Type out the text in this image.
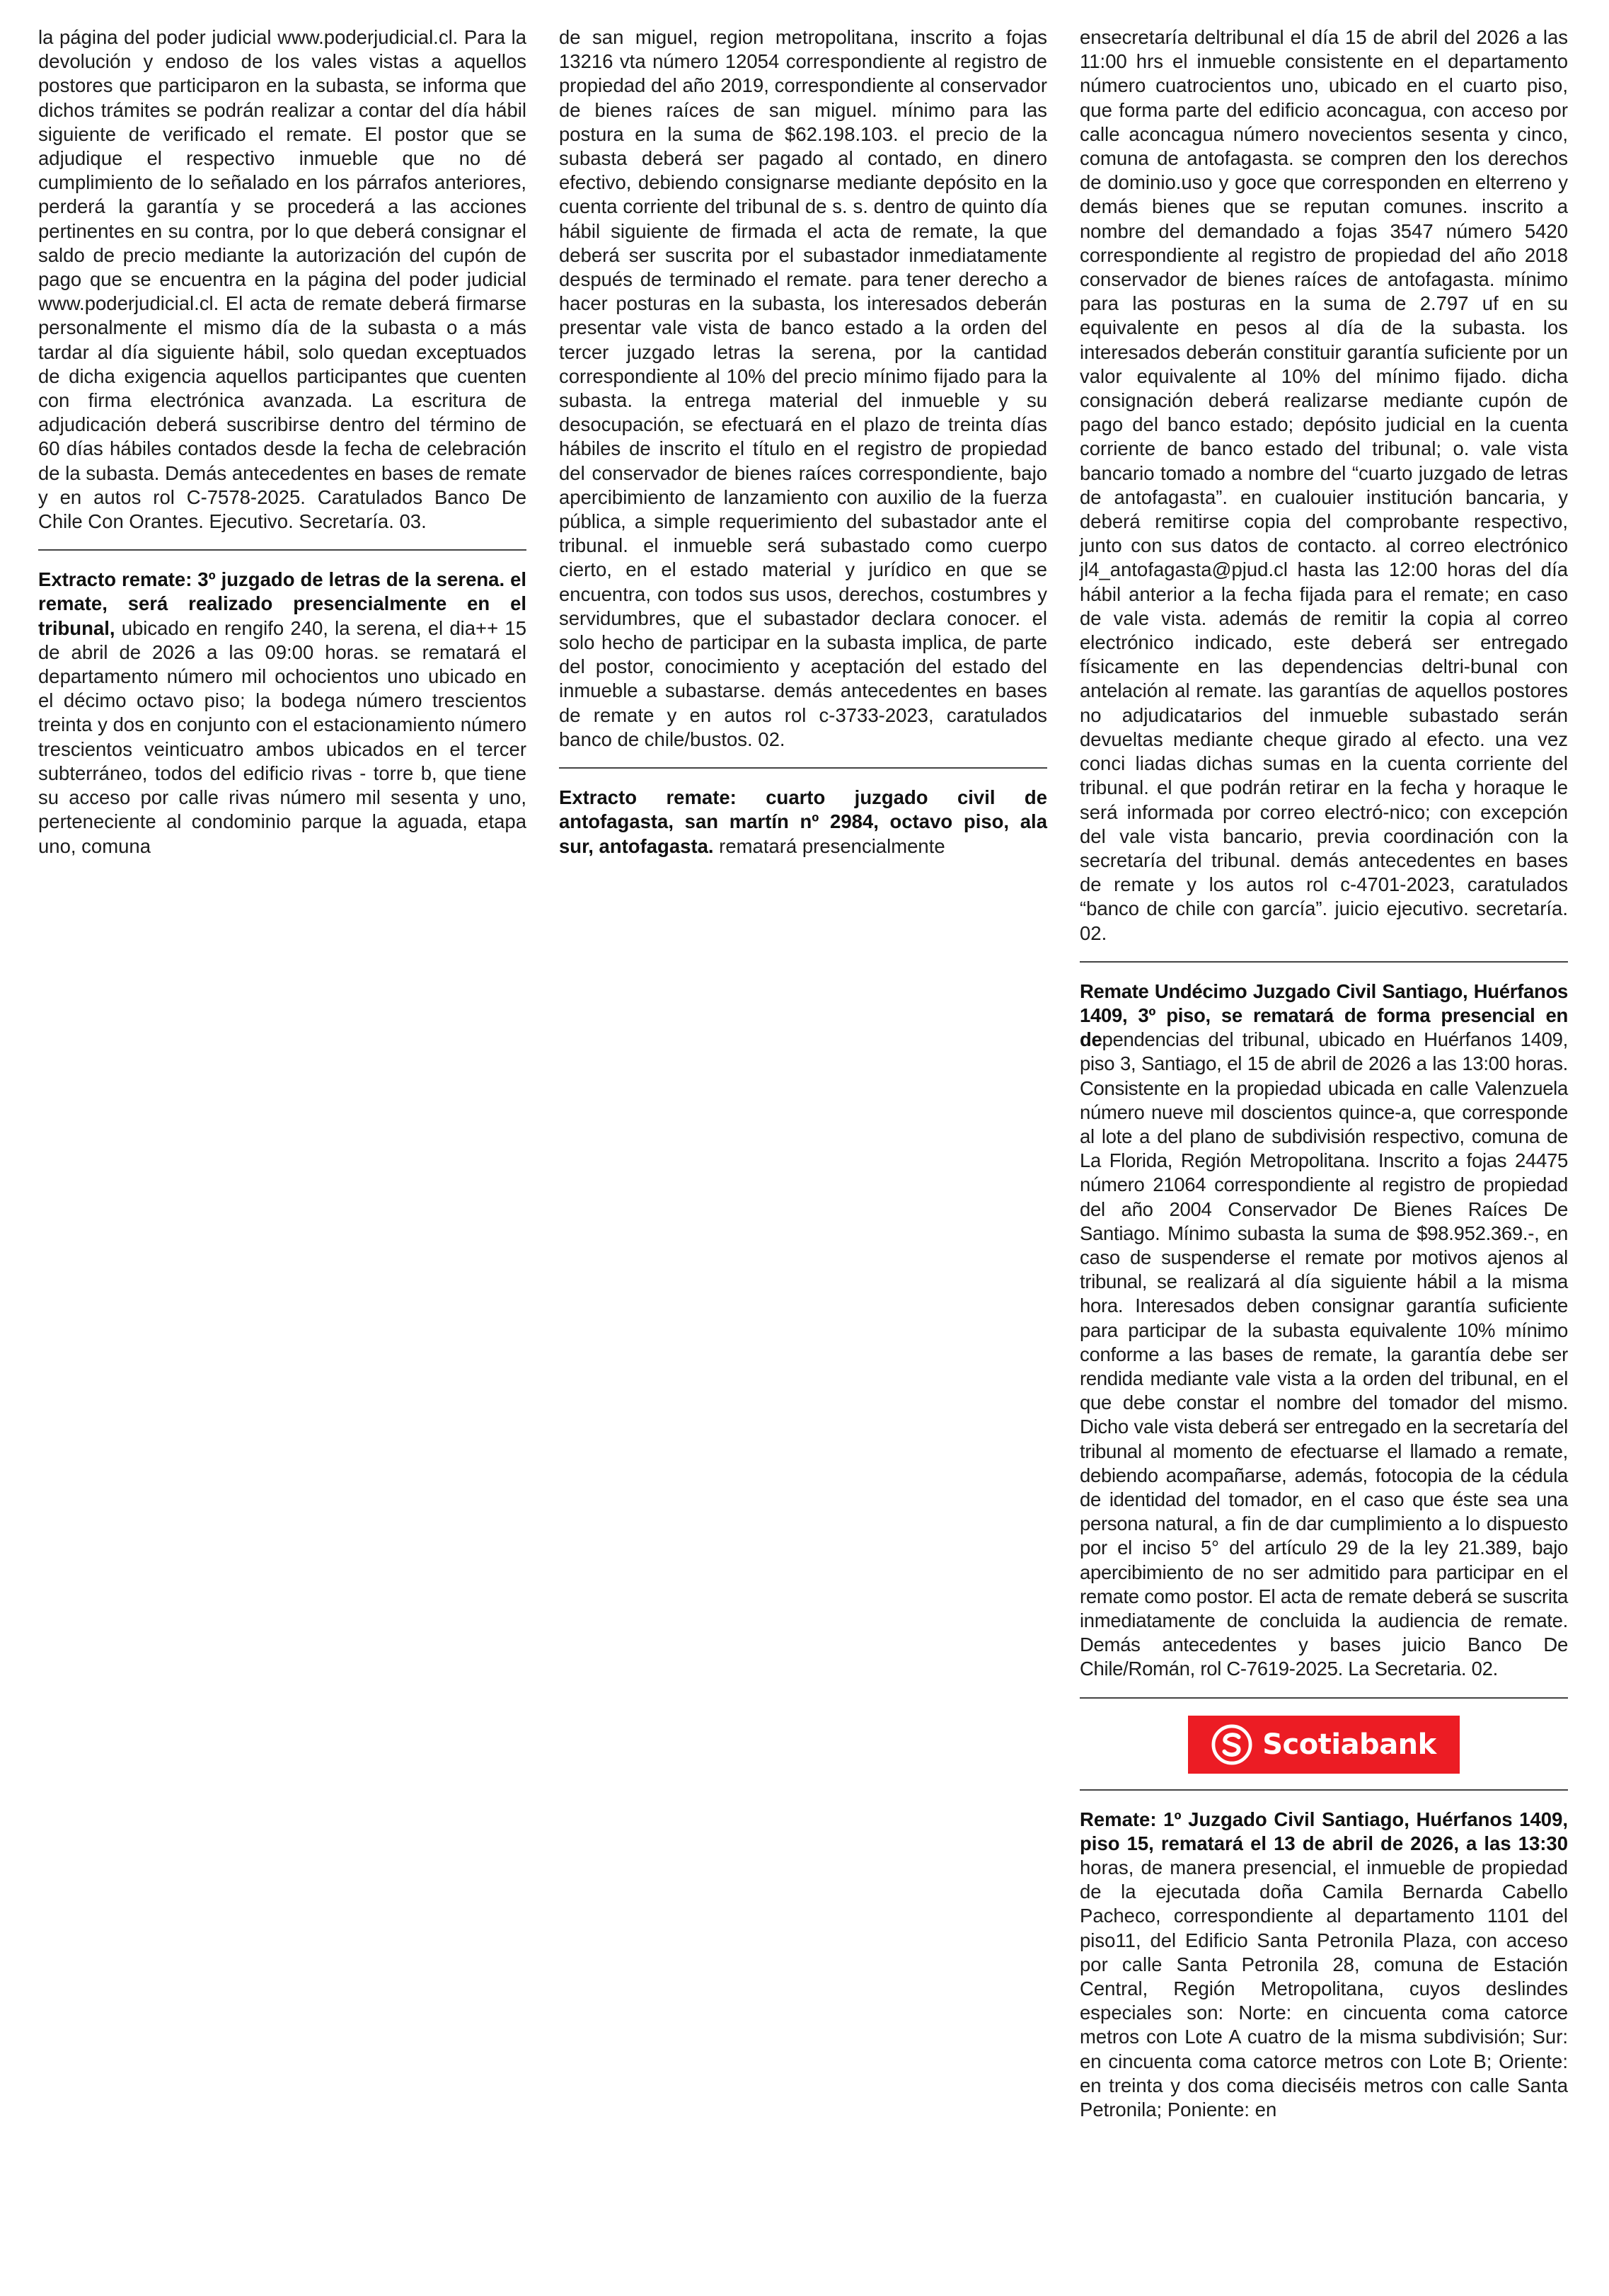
la página del poder judicial www.poderjudicial.cl. Para la devolución y endoso de los vales vistas a aquellos postores que participaron en la subasta, se informa que dichos trámites se podrán realizar a contar del día hábil siguiente de verificado el remate. El postor que se adjudique el respectivo inmueble que no dé cumplimiento de lo señalado en los párrafos anteriores, perderá la garantía y se procederá a las acciones pertinentes en su contra, por lo que deberá consignar el saldo de precio mediante la autorización del cupón de pago que se encuentra en la página del poder judicial www.poderjudicial.cl. El acta de remate deberá firmarse personalmente el mismo día de la subasta o a más tardar al día siguiente hábil, solo quedan exceptuados de dicha exigencia aquellos participantes que cuenten con firma electrónica avanzada. La escritura de adjudicación deberá suscribirse dentro del término de 60 días hábiles contados desde la fecha de celebración de la subasta. Demás antecedentes en bases de remate y en autos rol C-7578-2025. Caratulados Banco De Chile Con Orantes. Ejecutivo. Secretaría. 03.

Extracto remate: 3º juzgado de letras de la serena. el remate, será realizado presencialmente en el tribunal, ubicado en rengifo 240, la serena, el dia++ 15 de abril de 2026 a las 09:00 horas. se rematará el departamento número mil ochocientos uno ubicado en el décimo octavo piso; la bodega número trescientos treinta y dos en conjunto con el estacionamiento número trescientos veinticuatro ambos ubicados en el tercer subterráneo, todos del edificio rivas - torre b, que tiene su acceso por calle rivas número mil sesenta y uno, perteneciente al condominio parque la aguada, etapa uno, comuna

de san miguel, region metropolitana, inscrito a fojas 13216 vta número 12054 correspondiente al registro de propiedad del año 2019, correspondiente al conservador de bienes raíces de san miguel. mínimo para las postura en la suma de $62.198.103. el precio de la subasta deberá ser pagado al contado, en dinero efectivo, debiendo consignarse mediante depósito en la cuenta corriente del tribunal de s. s. dentro de quinto día hábil siguiente de firmada el acta de remate, la que deberá ser suscrita por el subastador inmediatamente después de terminado el remate. para tener derecho a hacer posturas en la subasta, los interesados deberán presentar vale vista de banco estado a la orden del tercer juzgado letras la serena, por la cantidad correspondiente al 10% del precio mínimo fijado para la subasta. la entrega material del inmueble y su desocupación, se efectuará en el plazo de treinta días hábiles de inscrito el título en el registro de propiedad del conservador de bienes raíces correspondiente, bajo apercibimiento de lanzamiento con auxilio de la fuerza pública, a simple requerimiento del subastador ante el tribunal. el inmueble será subastado como cuerpo cierto, en el estado material y jurídico en que se encuentra, con todos sus usos, derechos, costumbres y servidumbres, que el subastador declara conocer. el solo hecho de participar en la subasta implica, de parte del postor, conocimiento y aceptación del estado del inmueble a subastarse. demás antecedentes en bases de remate y en autos rol c-3733-2023, caratulados banco de chile/bustos. 02.

Extracto remate: cuarto juzgado civil de antofagasta, san martín nº 2984, octavo piso, ala sur, antofagasta. rematará presencialmente

ensecretaría deltribunal el día 15 de abril del 2026 a las 11:00 hrs el inmueble consistente en el departamento número cuatrocientos uno, ubicado en el cuarto piso, que forma parte del edificio aconcagua, con acceso por calle aconcagua número novecientos sesenta y cinco, comuna de antofagasta. se compren den los derechos de dominio.uso y goce que corresponden en elterreno y demás bienes que se reputan comunes. inscrito a nombre del demandado a fojas 3547 número 5420 correspondiente al registro de propiedad del año 2018 conservador de bienes raíces de antofagasta. mínimo para las posturas en la suma de 2.797 uf en su equivalente en pesos al día de la subasta. los interesados deberán constituir garantía suficiente por un valor equivalente al 10% del mínimo fijado. dicha consignación deberá realizarse mediante cupón de pago del banco estado; depósito judicial en la cuenta corriente de banco estado del tribunal; o. vale vista bancario tomado a nombre del “cuarto juzgado de letras de antofagasta”. en cualouier institución bancaria, y deberá remitirse copia del comprobante respectivo, junto con sus datos de contacto. al correo electrónico jl4_antofagasta@pjud.cl hasta las 12:00 horas del día hábil anterior a la fecha fijada para el remate; en caso de vale vista. además de remitir la copia al correo electrónico indicado, este deberá ser entregado físicamente en las dependencias deltri-bunal con antelación al remate. las garantías de aquellos postores no adjudicatarios del inmueble subastado serán devueltas mediante cheque girado al efecto. una vez conci liadas dichas sumas en la cuenta corriente del tribunal. el que podrán retirar en la fecha y horaque le será informada por correo electró-nico; con excepción del vale vista bancario, previa coordinación con la secretaría del tribunal. demás antecedentes en bases de remate y los autos rol c-4701-2023, caratulados “banco de chile con garcía”. juicio ejecutivo. secretaría. 02.

Remate Undécimo Juzgado Civil Santiago, Huérfanos 1409, 3º piso, se rematará de forma presencial en dependencias del tribunal, ubicado en Huérfanos 1409, piso 3, Santiago, el 15 de abril de 2026 a las 13:00 horas. Consistente en la propiedad ubicada en calle Valenzuela número nueve mil doscientos quince-a, que corresponde al lote a del plano de subdivisión respectivo, comuna de La Florida, Región Metropolitana. Inscrito a fojas 24475 número 21064 correspondiente al registro de propiedad del año 2004 Conservador De Bienes Raíces De Santiago. Mínimo subasta la suma de $98.952.369.-, en caso de suspenderse el remate por motivos ajenos al tribunal, se realizará al día siguiente hábil a la misma hora. Interesados deben consignar garantía suficiente para participar de la subasta equivalente 10% mínimo conforme a las bases de remate, la garantía debe ser rendida mediante vale vista a la orden del tribunal, en el que debe constar el nombre del tomador del mismo. Dicho vale vista deberá ser entregado en la secretaría del tribunal al momento de efectuarse el llamado a remate, debiendo acompañarse, además, fotocopia de la cédula de identidad del tomador, en el caso que éste sea una persona natural, a fin de dar cumplimiento a lo dispuesto por el inciso 5° del artículo 29 de la ley 21.389, bajo apercibimiento de no ser admitido para participar en el remate como postor. El acta de remate deberá se suscrita inmediatamente de concluida la audiencia de remate. Demás antecedentes y bases juicio Banco De Chile/Román, rol C-7619-2025. La Secretaria. 02.

Scotiabank

Remate: 1º Juzgado Civil Santiago, Huérfanos 1409, piso 15, rematará el 13 de abril de 2026, a las 13:30 horas, de manera presencial, el inmueble de propiedad de la ejecutada doña Camila Bernarda Cabello Pacheco, correspondiente al departamento 1101 del piso11, del Edificio Santa Petronila Plaza, con acceso por calle Santa Petronila 28, comuna de Estación Central, Región Metropolitana, cuyos deslindes especiales son: Norte: en cincuenta coma catorce metros con Lote A cuatro de la misma subdivisión; Sur: en cincuenta coma catorce metros con Lote B; Oriente: en treinta y dos coma dieciséis metros con calle Santa Petronila; Poniente: en
